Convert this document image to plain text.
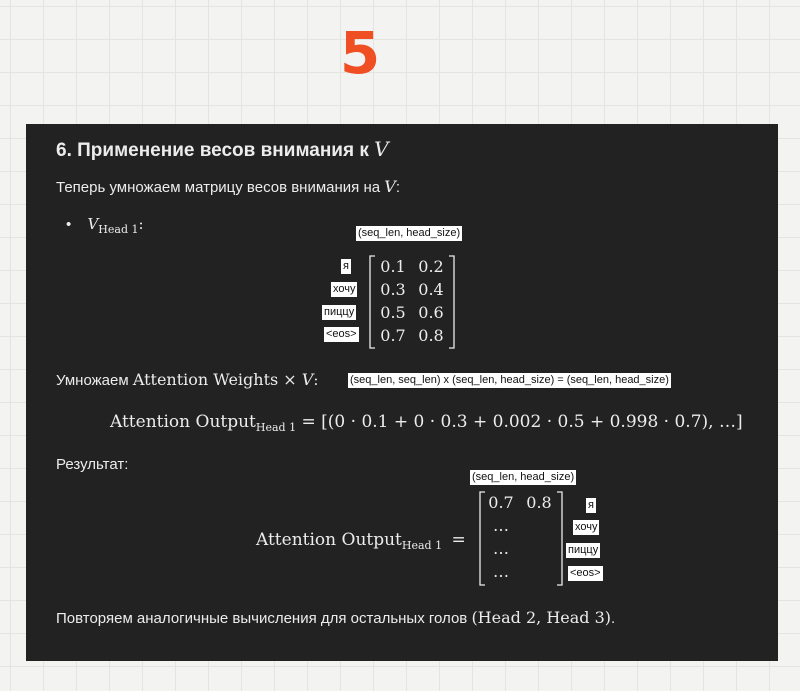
5
6. Применение весов внимания к V
Теперь умножаем матрицу весов внимания на V:
• $V_{Head 1}$:	(seq_len, head_size)
я
хочу
пиццу
<eos>
0.1 0.2
0.3 0.4
0.5 0.6
0.7 0.8
Умножаем Attention Weights × V:	(seq_len, seq_len) x (seq_len, head_size) = (seq_len, head_size)
Attention Output$_{Head 1}$ = [(0 · 0.1 + 0 · 0.3 + 0.002 · 0.5 + 0.998 · 0.7), …]
Результат:
(seq_len, head_size)
Attention Output$_{Head 1}$ =
0.7 0.8
…
…
…
я
хочу
пиццу
<eos>
Повторяем аналогичные вычисления для остальных голов (Head 2, Head 3).
